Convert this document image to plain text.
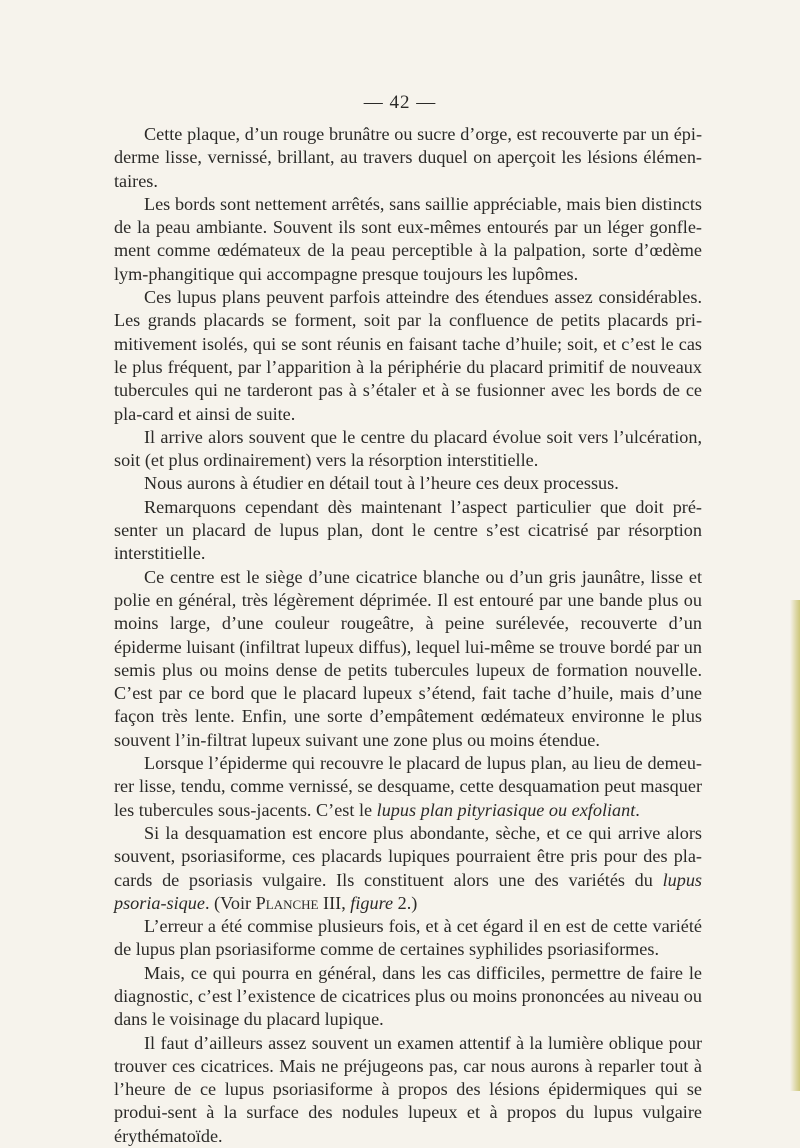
— 42 —

Cette plaque, d’un rouge brunâtre ou sucre d’orge, est recouverte par un épi-derme lisse, vernissé, brillant, au travers duquel on aperçoit les lésions élémen-taires.

Les bords sont nettement arrêtés, sans saillie appréciable, mais bien distincts de la peau ambiante. Souvent ils sont eux-mêmes entourés par un léger gonfle-ment comme œdémateux de la peau perceptible à la palpation, sorte d’œdème lym-phangitique qui accompagne presque toujours les lupômes.

Ces lupus plans peuvent parfois atteindre des étendues assez considérables. Les grands placards se forment, soit par la confluence de petits placards pri-mitivement isolés, qui se sont réunis en faisant tache d’huile; soit, et c’est le cas le plus fréquent, par l’apparition à la périphérie du placard primitif de nouveaux tubercules qui ne tarderont pas à s’étaler et à se fusionner avec les bords de ce pla-card et ainsi de suite.

Il arrive alors souvent que le centre du placard évolue soit vers l’ulcération, soit (et plus ordinairement) vers la résorption interstitielle.

Nous aurons à étudier en détail tout à l’heure ces deux processus.

Remarquons cependant dès maintenant l’aspect particulier que doit pré-senter un placard de lupus plan, dont le centre s’est cicatrisé par résorption interstitielle.

Ce centre est le siège d’une cicatrice blanche ou d’un gris jaunâtre, lisse et polie en général, très légèrement déprimée. Il est entouré par une bande plus ou moins large, d’une couleur rougeâtre, à peine surélevée, recouverte d’un épiderme luisant (infiltrat lupeux diffus), lequel lui-même se trouve bordé par un semis plus ou moins dense de petits tubercules lupeux de formation nouvelle. C’est par ce bord que le placard lupeux s’étend, fait tache d’huile, mais d’une façon très lente. Enfin, une sorte d’empâtement œdémateux environne le plus souvent l’in-filtrat lupeux suivant une zone plus ou moins étendue.

Lorsque l’épiderme qui recouvre le placard de lupus plan, au lieu de demeu-rer lisse, tendu, comme vernissé, se desquame, cette desquamation peut masquer les tubercules sous-jacents. C’est le lupus plan pityriasique ou exfoliant.

Si la desquamation est encore plus abondante, sèche, et ce qui arrive alors souvent, psoriasiforme, ces placards lupiques pourraient être pris pour des pla-cards de psoriasis vulgaire. Ils constituent alors une des variétés du lupus psoria-sique. (Voir Planche III, figure 2.)

L’erreur a été commise plusieurs fois, et à cet égard il en est de cette variété de lupus plan psoriasiforme comme de certaines syphilides psoriasiformes.

Mais, ce qui pourra en général, dans les cas difficiles, permettre de faire le diagnostic, c’est l’existence de cicatrices plus ou moins prononcées au niveau ou dans le voisinage du placard lupique.

Il faut d’ailleurs assez souvent un examen attentif à la lumière oblique pour trouver ces cicatrices. Mais ne préjugeons pas, car nous aurons à reparler tout à l’heure de ce lupus psoriasiforme à propos des lésions épidermiques qui se produi-sent à la surface des nodules lupeux et à propos du lupus vulgaire érythématoïde.
